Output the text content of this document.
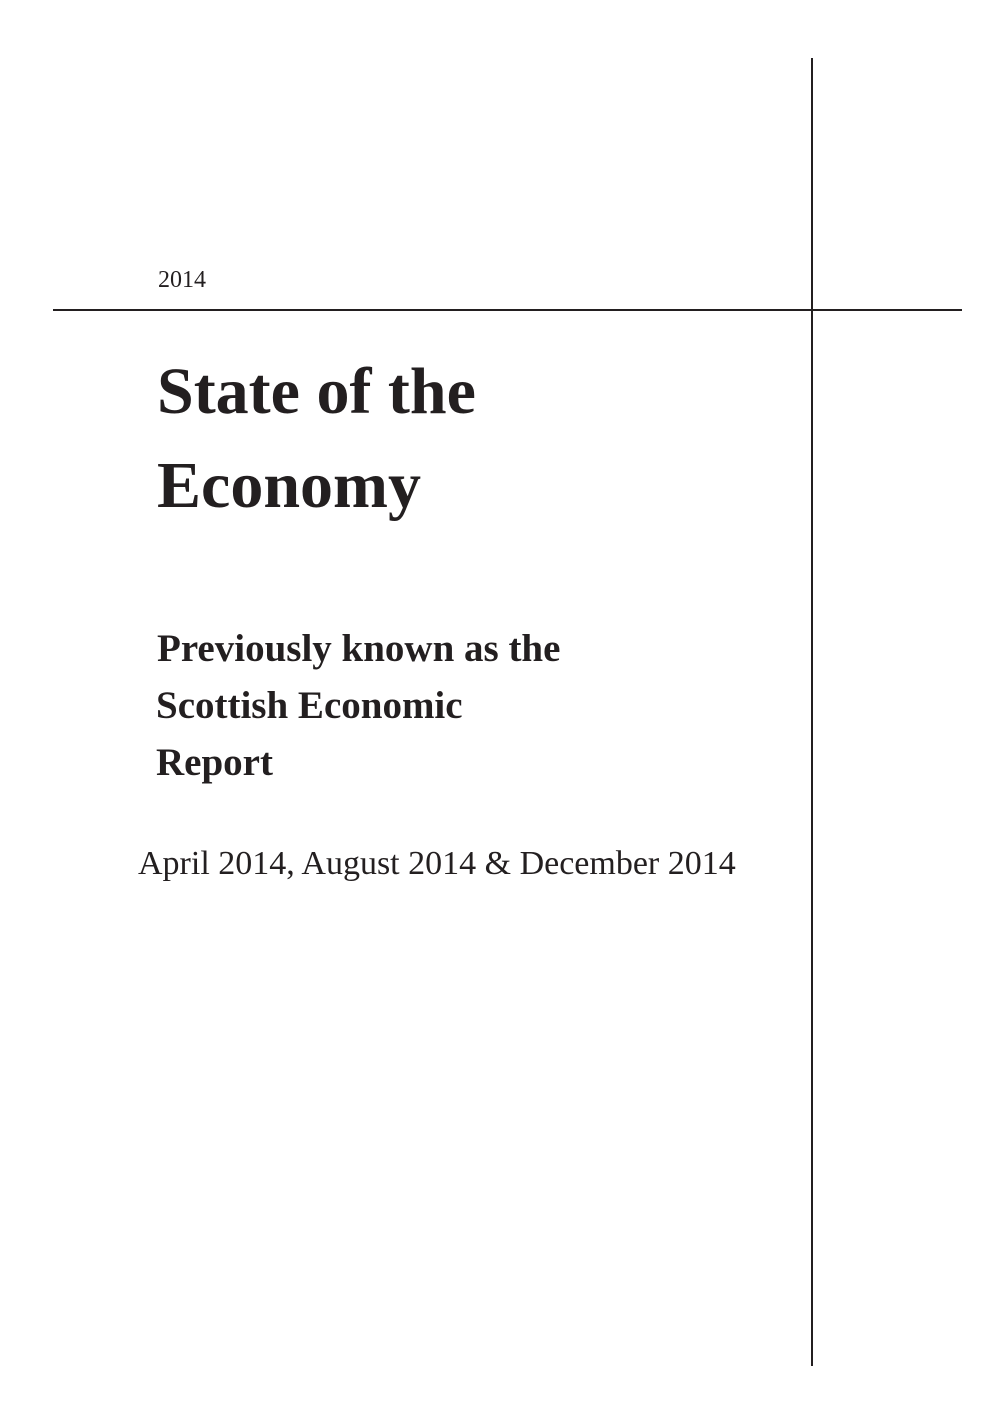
2014
State of the
Economy
Previously known as the
Scottish Economic
Report
April 2014, August 2014 & December 2014
